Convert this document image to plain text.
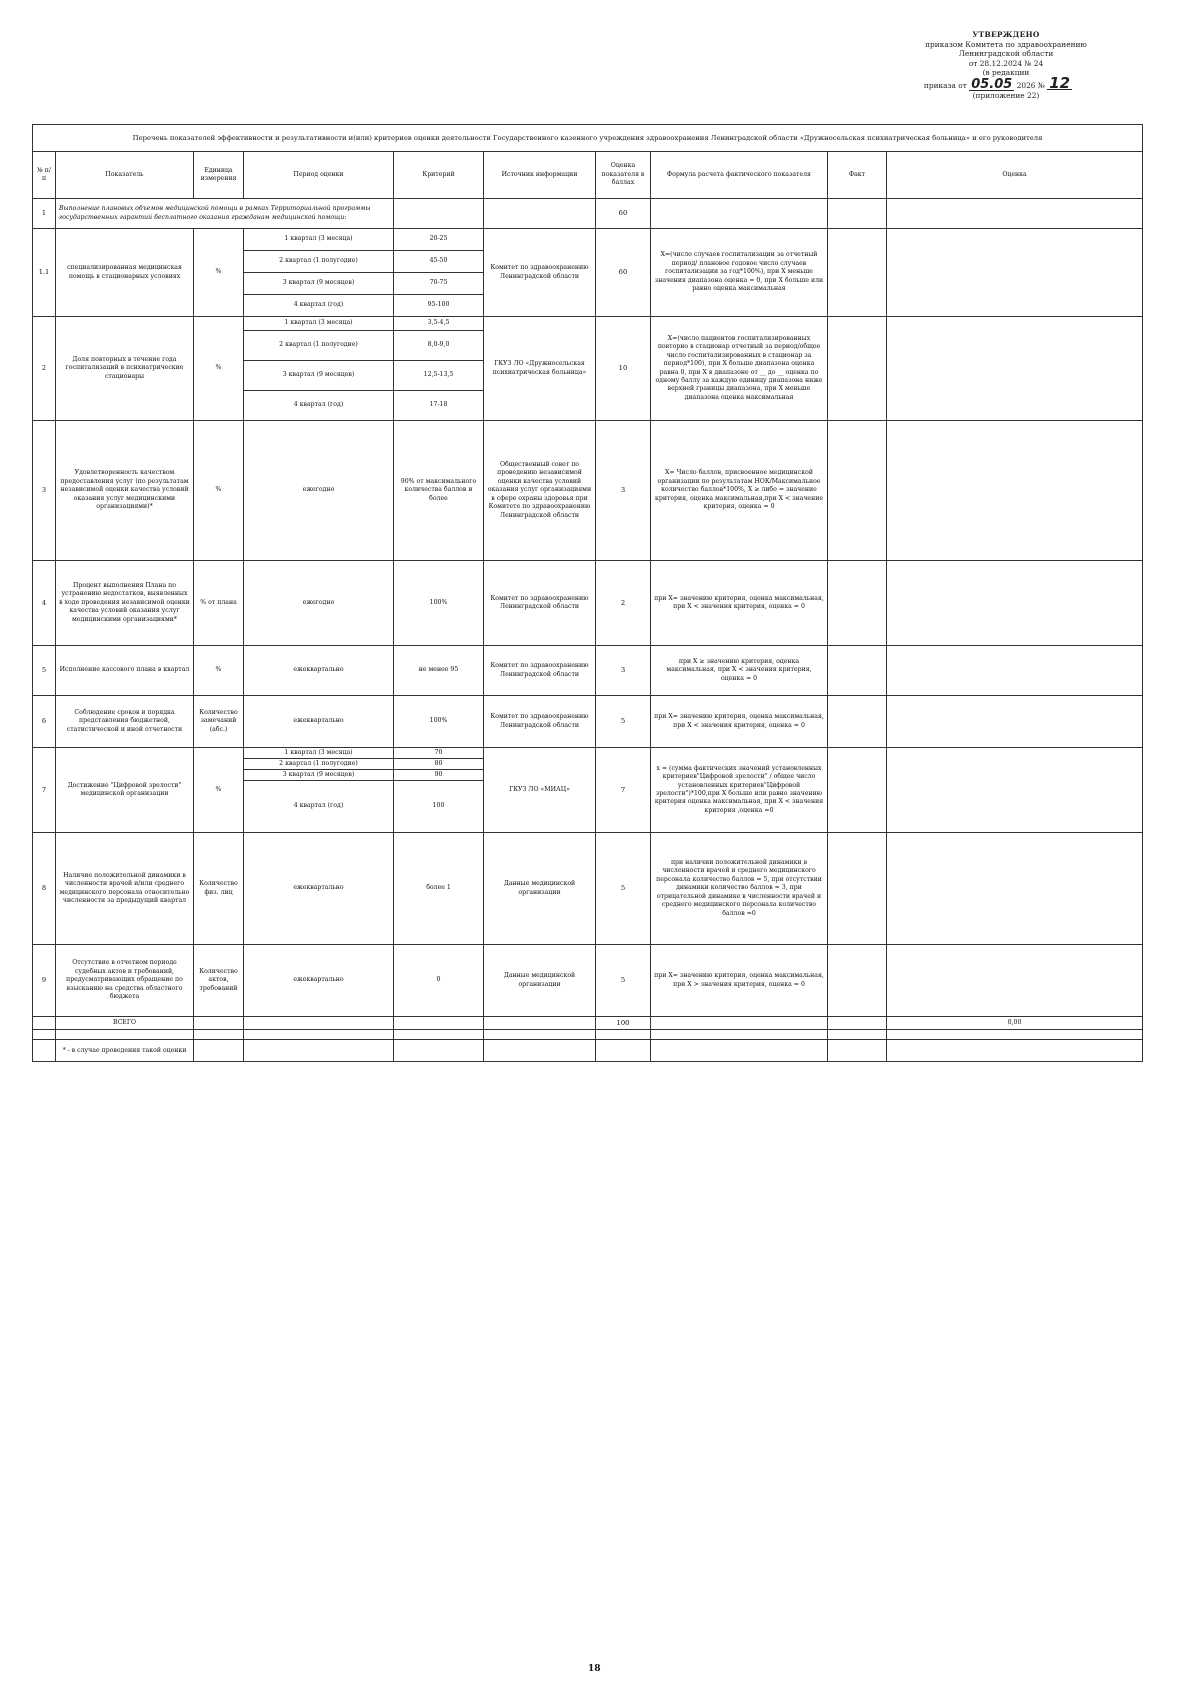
УТВЕРЖДЕНО
приказом Комитета по здравоохранению
Ленинградской области
от 28.12.2024 № 24
(в редакции
приказа от 05.05 2026 № 12
(приложение 22)
Перечень показателей эффективности и результативности и(или) критериев оценки деятельности Государственного казенного учреждения здравоохранения Ленинградской области «Дружносельская психиатрическая больница» и его руководителя									
№ п/п	Показатель	Единица измерения	Период оценки	Критерий	Источник информации	Оценка показателя в баллах	Формула расчета фактического показателя	Факт	Оценка
1	Выполнение плановых объемов медицинской помощи в рамках Территориальной программы государственных гарантий бесплатного оказания гражданам медицинской помощи:					60			
1.1	специализированная медицинская помощь в стационарных условиях	%	1 квартал (3 месяца)	20-25	Комитет по здравоохранению Ленинградской области	60	Х=(число случаев госпитализации за отчетный период/ плановое годовое число случаев госпитализации за год*100%), при Х меньше значения диапазона оценка = 0, при Х больше или равно оценка максимальная		
			2 квартал (1 полугодие)	45-50					
			3 квартал (9 месяцев)	70-75					
			4 квартал (год)	95-100					
2	Доля повторных в течение года госпитализаций в психиатрические стационары	%	1 квартал (3 месяца)	3,5-4,5	ГКУЗ ЛО «Дружносельская психиатрическая больница»	10	Х=(число пациентов госпитализированных повторно в стационар отчетный за период/общее число госпитализированных в стационар за период*100), при Х больше диапазона оценка равна 0, при Х в диапазоне от __ до __ оценка по одному баллу за каждую единицу диапазона ниже верхней границы диапазона, при Х меньше диапазона оценка максимальная		
			2 квартал (1 полугодие)	8,0-9,0					
			3 квартал (9 месяцев)	12,5-13,5					
			4 квартал (год)	17-18					
3	Удовлетворенность качеством предоставления услуг (по результатам независимой оценки качества условий оказания услуг медицинскими организациями)*	%	ежегодно	90% от максимального количества баллов и более	Общественный совет по проведению независимой оценки качества условий оказания услуг организациями в сфере охраны здоровья при Комитете по здравоохранению Ленинградской области	3	Х= Число баллов, присвоенное медицинской организации по результатам НОК/Максимальное количество баллов*100%, Х ≥ либо = значение критерия, оценка максимальная,при Х < значение критерия, оценка = 0		
4	Процент выполнения Плана по устранению недостатков, выявленных в ходе проведения независимой оценки качества условий оказания услуг медицинскими организациями*	% от плана	ежегодно	100%	Комитет по здравоохранению Ленинградской области	2	при Х= значению критерия, оценка максимальная, при Х < значения критерия, оценка = 0		
5	Исполнение кассового плана в квартал	%	ежеквартально	не менее 95	Комитет по здравоохранению Ленинградской области	3	при Х ≥ значению критерия, оценка максимальная, при Х < значения критерия, оценка = 0		
6	Соблюдение сроков и порядка представления бюджетной, статистической и иной отчетности	Количество замечаний (абс.)	ежеквартально	100%	Комитет по здравоохранению Ленинградской области	5	при Х= значению критерия, оценка максимальная, при Х < значения критерия, оценка = 0		
7	Достижение "Цифровой зрелости" медицинской организации	%	1 квартал (3 месяца)	70	ГКУЗ ЛО «МИАЦ»	7	х = (сумма фактических значений установленных критериев"Цифровой зрелости" / общее число установленных критериев"Цифровой зрелости")*100,при Х больше или равно значению критерия оценка максимальная, при Х < значения критерия ,оценка =0		
			2 квартал (1 полугодие)	80					
			3 квартал (9 месяцев)	90					
			4 квартал (год)	100					
8	Наличие положительной динамики в численности врачей и/или среднего медицинского персонала относительно численности за предыдущий квартал	Количество физ. лиц	ежеквартально	более 1	Данные медицинской организации	5	при наличии положительной динамики в численности врачей и среднего медицинского персонала количество баллов = 5, при отсутствии динамики количество баллов = 3, при отрицательной динамике в численности врачей и среднего медицинского персонала количество баллов =0		
9	Отсутствие в отчетном периоде судебных актов и требований, предусматривающих обращение по взысканию на средства областного бюджета	Количество актов, требований	ежеквартально	0	Данные медицинской организации	5	при Х= значению критерия, оценка максимальная, при Х > значения критерия, оценка = 0		
	ВСЕГО					100			0,00

	* - в случае проведения такой оценки								
18
